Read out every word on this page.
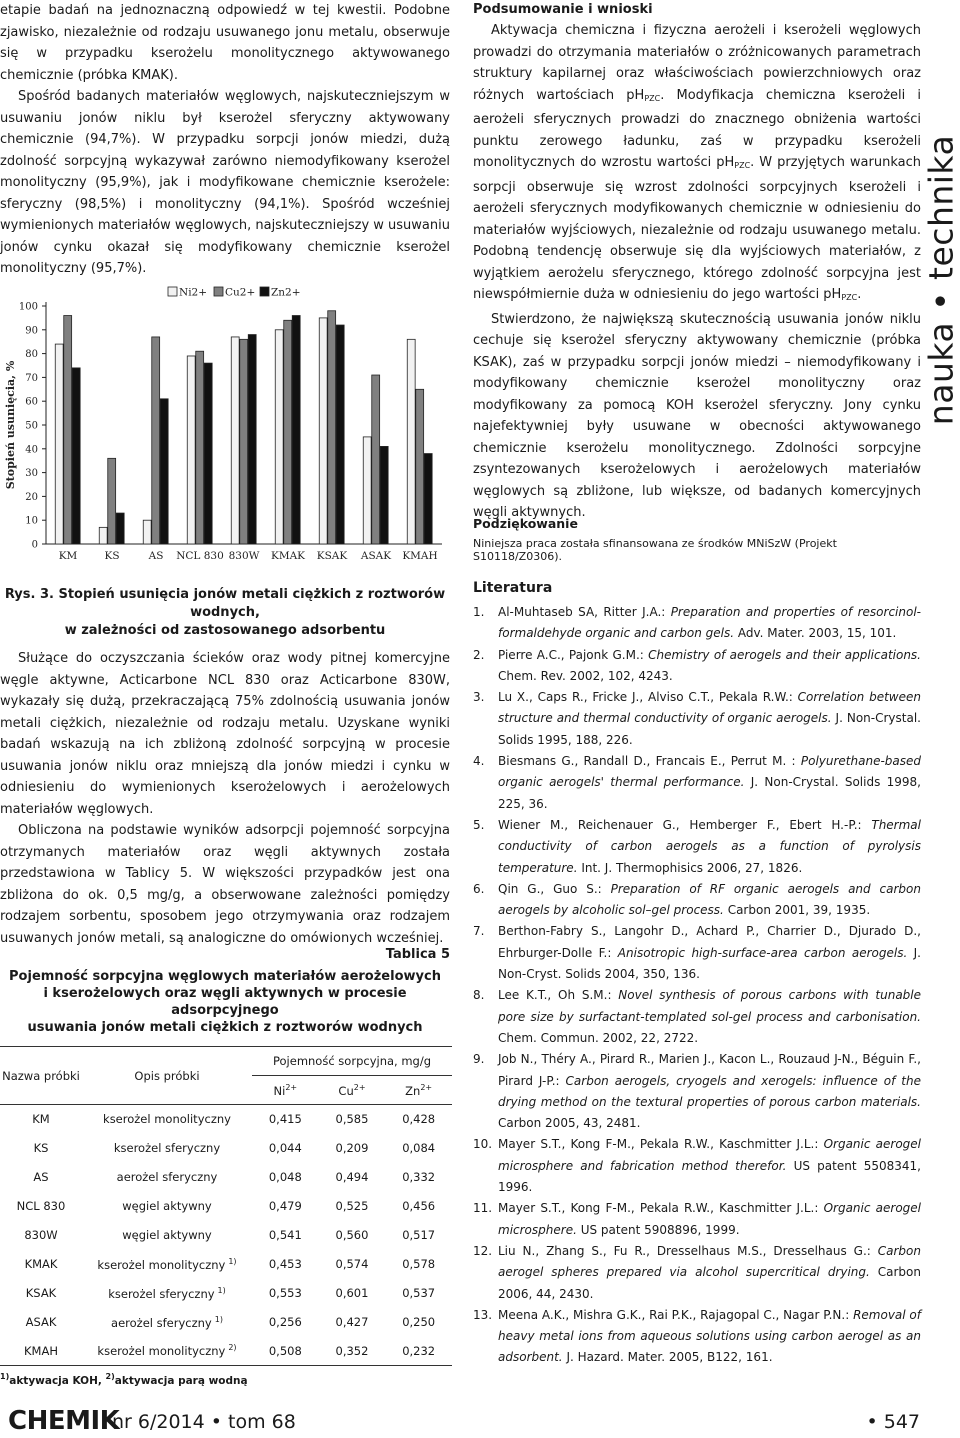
etapie badań na jednoznaczną odpowiedź w tej kwestii. Podobne zjawisko, niezależnie od rodzaju usuwanego jonu metalu, obserwuje się w przypadku kserożelu monolitycznego aktywowanego chemicznie (próbka KMAK).

Spośród badanych materiałów węglowych, najskuteczniejszym w usuwaniu jonów niklu był kserożel sferyczny aktywowany chemicznie (94,7%). W przypadku sorpcji jonów miedzi, dużą zdolność sorpcyjną wykazywał zarówno niemodyfikowany kserożel monolityczny (95,9%), jak i modyfikowane chemicznie kserożele: sferyczny (98,5%) i monolityczny (94,1%). Spośród wcześniej wymienionych materiałów węglowych, najskuteczniejszy w usuwaniu jonów cynku okazał się modyfikowany chemicznie kserożel monolityczny (95,7%).

0
10
20
30
40
50
60
70
80
90
100
Stopień usunięcia, %
KM	KS	AS NCL 830 830W KMAK KSAK ASAK KMAH
Ni2+ Cu2+ Zn2+

Rys. 3. Stopień usunięcia jonów metali ciężkich z roztworów wodnych,

w zależności od zastosowanego adsorbentu

Służące do oczyszczania ścieków oraz wody pitnej komercyjne węgle aktywne, Acticarbone NCL 830 oraz Acticarbone 830W, wykazały się dużą, przekraczającą 75% zdolnością usuwania jonów metali ciężkich, niezależnie od rodzaju metalu. Uzyskane wyniki badań wskazują na ich zbliżoną zdolność sorpcyjną w procesie usuwania jonów niklu oraz mniejszą dla jonów miedzi i cynku w odniesieniu do wymienionych kserożelowych i aerożelowych materiałów węglowych.

Obliczona na podstawie wyników adsorpcji pojemność sorpcyjna otrzymanych materiałów oraz węgli aktywnych została przedstawiona w Tablicy 5. W większości przypadków jest ona zbliżona do ok. 0,5 mg/g, a obserwowane zależności pomiędzy rodzajem sorbentu, sposobem jego otrzymywania oraz rodzajem usuwanych jonów metali, są analogiczne do omówionych wcześniej.

Tablica 5
Pojemność sorpcyjna węglowych materiałów aerożelowych
i kserożelowych oraz węgli aktywnych w procesie adsorpcyjnego
usuwania jonów metali ciężkich z roztworów wodnych
Nazwa próbki	Opis próbki	Pojemność sorpcyjna, mg/g		
		$Ni^{2+}$	$Cu^{2+}$	$Zn^{2+}$
KM	kserożel monolityczny	0,415	0,585	0,428
KS	kserożel sferyczny	0,044	0,209	0,084
AS	aerożel sferyczny	0,048	0,494	0,332
NCL 830	węgiel aktywny	0,479	0,525	0,456
830W	węgiel aktywny	0,541	0,560	0,517
KMAK	kserożel monolityczny $^{1)}$	0,453	0,574	0,578
KSAK	kserożel sferyczny $^{1)}$	0,553	0,601	0,537
ASAK	aerożel sferyczny $^{1)}$	0,256	0,427	0,250
KMAH	kserożel monolityczny $^{2)}$	0,508	0,352	0,232
$^{1)}$aktywacja KOH, $^{2)}$aktywacja parą wodną
Podsumowanie i wnioski

Aktywacja chemiczna i fizyczna aerożeli i kserożeli węglowych prowadzi do otrzymania materiałów o zróżnicowanych parametrach struktury kapilarnej oraz właściwościach powierzchniowych oraz różnych wartościach $pH_{PZC}$. Modyfikacja chemiczna kserożeli i aerożeli sferycznych prowadzi do znacznego obniżenia wartości punktu zerowego ładunku, zaś w przypadku kserożeli monolitycznych do wzrostu wartości $pH_{PZC}$. W przyjętych warunkach sorpcji obserwuje się wzrost zdolności sorpcyjnych kserożeli i aerożeli sferycznych modyfikowanych chemicznie w odniesieniu do materiałów wyjściowych, niezależnie od rodzaju usuwanego metalu. Podobną tendencję obserwuje się dla wyjściowych materiałów, z wyjątkiem aerożelu sferycznego, którego zdolność sorpcyjna jest niewspółmiernie duża w odniesieniu do jego wartości $pH_{PZC}$.

Stwierdzono, że największą skutecznością usuwania jonów niklu cechuje się kserożel sferyczny aktywowany chemicznie (próbka KSAK), zaś w przypadku sorpcji jonów miedzi – niemodyfikowany i modyfikowany chemicznie kserożel monolityczny oraz modyfikowany za pomocą KOH kserożel sferyczny. Jony cynku najefektywniej były usuwane w obecności aktywowanego chemicznie kserożelu monolitycznego. Zdolności sorpcyjne zsyntezowanych kserożelowych i aerożelowych materiałów węglowych są zbliżone, lub większe, od badanych komercyjnych węgli aktywnych.

Podziękowanie
Niniejsza praca została sfinansowana ze środków MNiSzW (Projekt S10118/Z0306).
Literatura
1. Al-Muhtaseb SA, Ritter J.A.: Preparation and properties of resorcinol-formaldehyde organic and carbon gels. Adv. Mater. 2003, 15, 101.
2. Pierre A.C., Pajonk G.M.: Chemistry of aerogels and their applications. Chem. Rev. 2002, 102, 4243.
3. Lu X., Caps R., Fricke J., Alviso C.T., Pekala R.W.: Correlation between structure and thermal conductivity of organic aerogels. J. Non-Crystal. Solids 1995, 188, 226.
4. Biesmans G., Randall D., Francais E., Perrut M. : Polyurethane-based organic aerogels' thermal performance. J. Non-Crystal. Solids 1998, 225, 36.
5. Wiener M., Reichenauer G., Hemberger F., Ebert H.-P.: Thermal conductivity of carbon aerogels as a function of pyrolysis temperature. Int. J. Thermophisics 2006, 27, 1826.
6. Qin G., Guo S.: Preparation of RF organic aerogels and carbon aerogels by alcoholic sol–gel process. Carbon 2001, 39, 1935.
7. Berthon-Fabry S., Langohr D., Achard P., Charrier D., Djurado D., Ehrburger-Dolle F.: Anisotropic high-surface-area carbon aerogels. J. Non-Cryst. Solids 2004, 350, 136.
8. Lee K.T., Oh S.M.: Novel synthesis of porous carbons with tunable pore size by surfactant-templated sol-gel process and carbonisation. Chem. Commun. 2002, 22, 2722.
9. Job N., Théry A., Pirard R., Marien J., Kacon L., Rouzaud J-N., Béguin F., Pirard J-P.: Carbon aerogels, cryogels and xerogels: influence of the drying method on the textural properties of porous carbon materials. Carbon 2005, 43, 2481.
10. Mayer S.T., Kong F-M., Pekala R.W., Kaschmitter J.L.: Organic aerogel microsphere and fabrication method therefor. US patent 5508341, 1996.
11. Mayer S.T., Kong F-M., Pekala R.W., Kaschmitter J.L.: Organic aerogel microsphere. US patent 5908896, 1999.
12. Liu N., Zhang S., Fu R., Dresselhaus M.S., Dresselhaus G.: Carbon aerogel spheres prepared via alcohol supercritical drying. Carbon 2006, 44, 2430.
13. Meena A.K., Mishra G.K., Rai P.K., Rajagopal C., Nagar P.N.: Removal of heavy metal ions from aqueous solutions using carbon aerogel as an adsorbent. J. Hazard. Mater. 2005, B122, 161.
nauka • technika
CHEMIK
nr 6/2014 • tom 68	• 547
